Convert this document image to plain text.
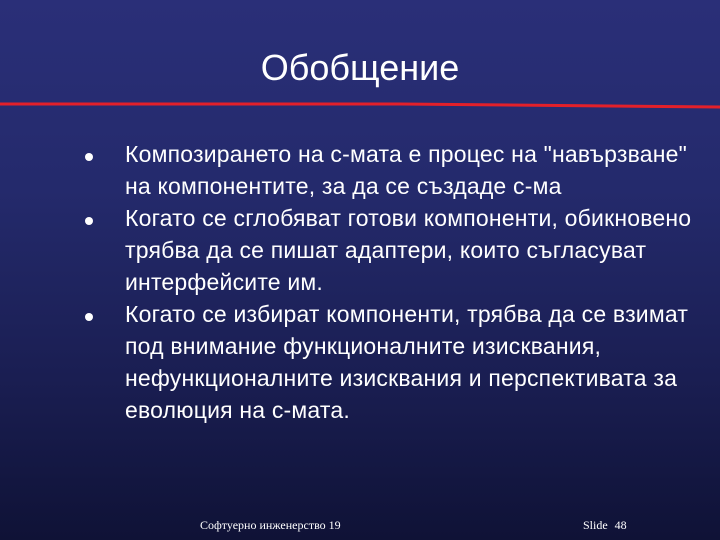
Обобщение
Композирането на с-мата е процес на "навързване" на компонентите, за да се създаде с-ма
Когато се сглобяват готови компоненти, обикновено трябва да се пишат адаптери, които съгласуват интерфейсите им.
Когато се избират компоненти, трябва да се взимат под внимание функционалните изисквания, нефункционалните изисквания и перспективата за еволюция на с-мата.
Софтуерно инженерство 19	Slide 48
